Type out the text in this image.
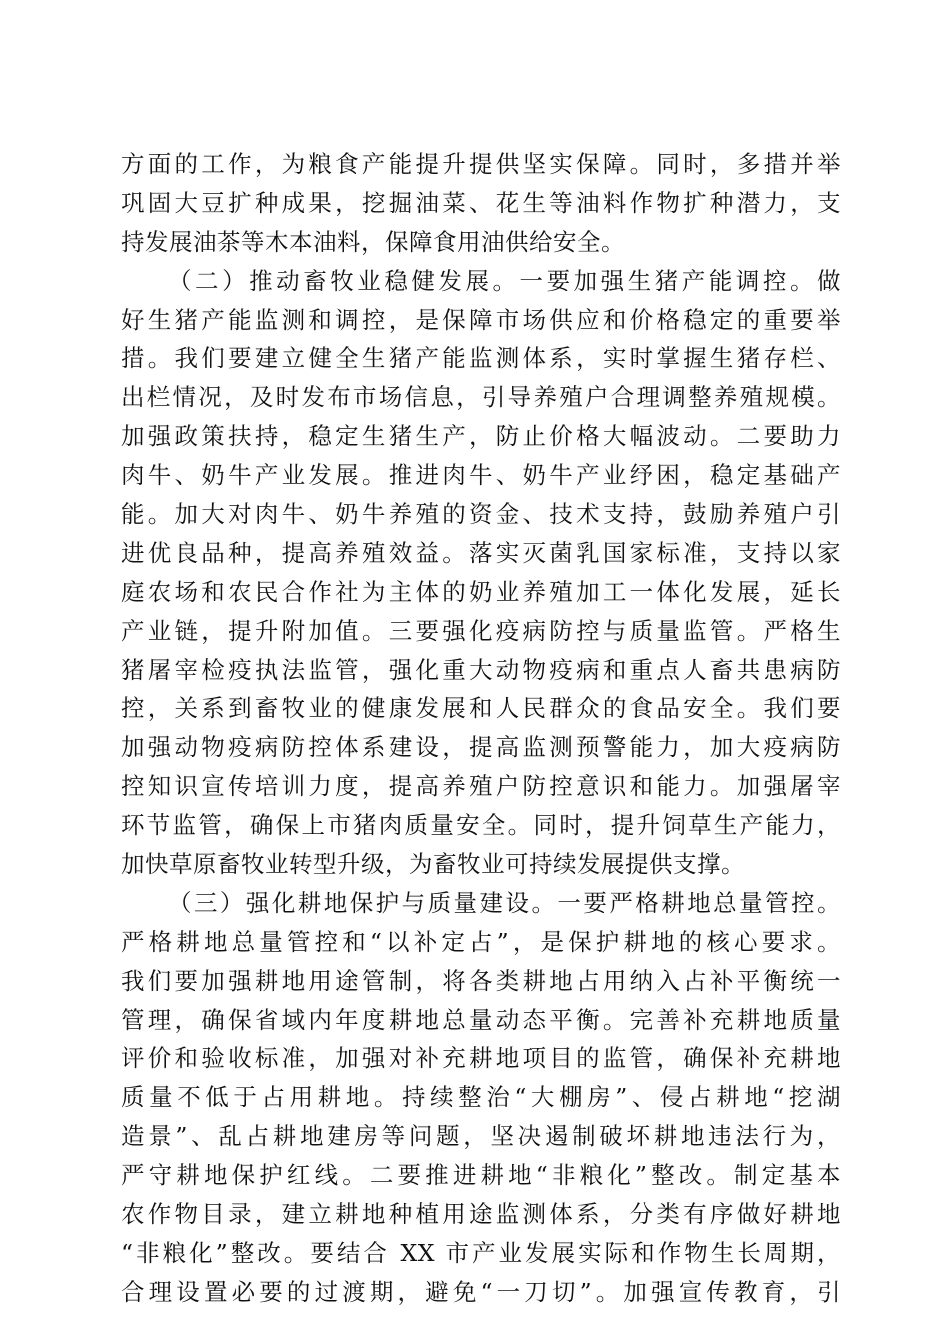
方面的工作，为粮食产能提升提供坚实保障。同时，多措并举
巩固大豆扩种成果，挖掘油菜、花生等油料作物扩种潜力，支
持发展油茶等木本油料，保障食用油供给安全。
（二）推动畜牧业稳健发展。一要加强生猪产能调控。做
好生猪产能监测和调控，是保障市场供应和价格稳定的重要举
措。我们要建立健全生猪产能监测体系，实时掌握生猪存栏、
出栏情况，及时发布市场信息，引导养殖户合理调整养殖规模。
加强政策扶持，稳定生猪生产，防止价格大幅波动。二要助力
肉牛、奶牛产业发展。推进肉牛、奶牛产业纾困，稳定基础产
能。加大对肉牛、奶牛养殖的资金、技术支持，鼓励养殖户引
进优良品种，提高养殖效益。落实灭菌乳国家标准，支持以家
庭农场和农民合作社为主体的奶业养殖加工一体化发展，延长
产业链，提升附加值。三要强化疫病防控与质量监管。严格生
猪屠宰检疫执法监管，强化重大动物疫病和重点人畜共患病防
控，关系到畜牧业的健康发展和人民群众的食品安全。我们要
加强动物疫病防控体系建设，提高监测预警能力，加大疫病防
控知识宣传培训力度，提高养殖户防控意识和能力。加强屠宰
环节监管，确保上市猪肉质量安全。同时，提升饲草生产能力，
加快草原畜牧业转型升级，为畜牧业可持续发展提供支撑。
（三）强化耕地保护与质量建设。一要严格耕地总量管控。
严格耕地总量管控和“以补定占”，是保护耕地的核心要求。
我们要加强耕地用途管制，将各类耕地占用纳入占补平衡统一
管理，确保省域内年度耕地总量动态平衡。完善补充耕地质量
评价和验收标准，加强对补充耕地项目的监管，确保补充耕地
质量不低于占用耕地。持续整治“大棚房”、侵占耕地“挖湖
造景”、乱占耕地建房等问题，坚决遏制破坏耕地违法行为，
严守耕地保护红线。二要推进耕地“非粮化”整改。制定基本
农作物目录，建立耕地种植用途监测体系，分类有序做好耕地
“非粮化”整改。要结合 XX 市产业发展实际和作物生长周期，
合理设置必要的过渡期，避免“一刀切”。加强宣传教育，引
